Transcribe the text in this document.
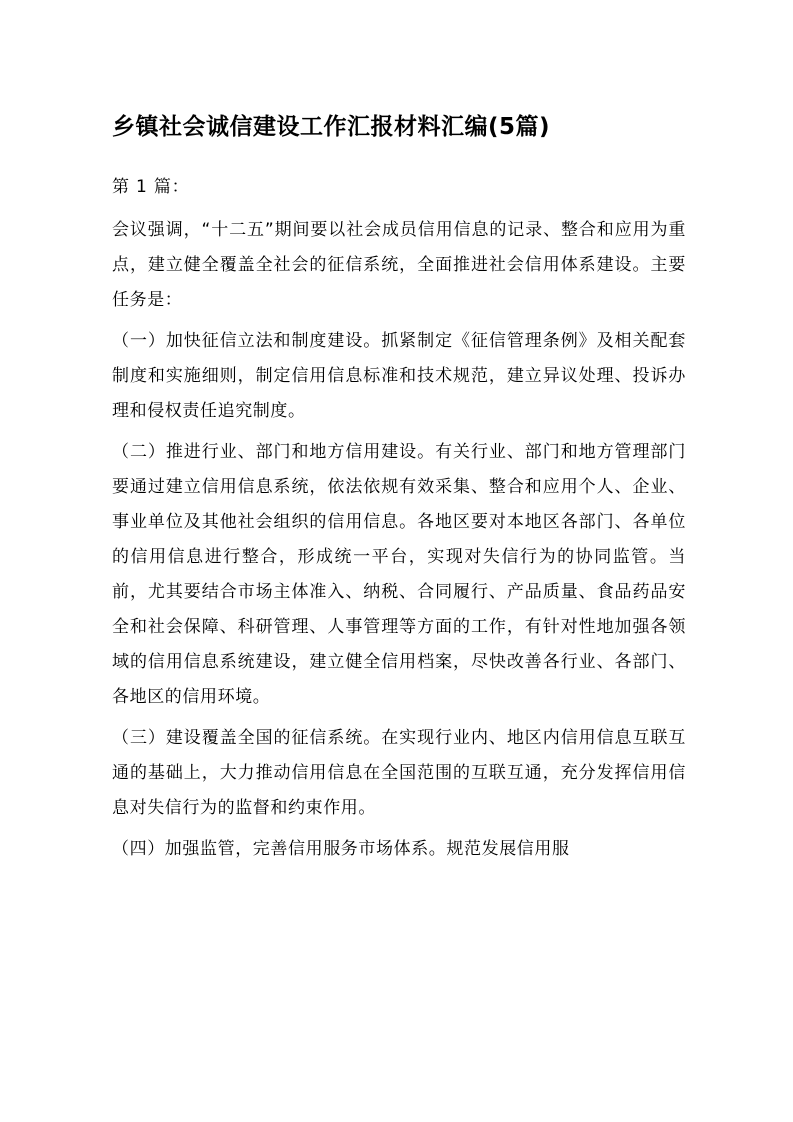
乡镇社会诚信建设工作汇报材料汇编(5篇)

第 1 篇：

会议强调，“十二五”期间要以社会成员信用信息的记录、整合和应用为重点，建立健全覆盖全社会的征信系统，全面推进社会信用体系建设。主要任务是：

（一）加快征信立法和制度建设。抓紧制定《征信管理条例》及相关配套制度和实施细则，制定信用信息标准和技术规范，建立异议处理、投诉办理和侵权责任追究制度。

（二）推进行业、部门和地方信用建设。有关行业、部门和地方管理部门要通过建立信用信息系统，依法依规有效采集、整合和应用个人、企业、事业单位及其他社会组织的信用信息。各地区要对本地区各部门、各单位的信用信息进行整合，形成统一平台，实现对失信行为的协同监管。当前，尤其要结合市场主体准入、纳税、合同履行、产品质量、食品药品安全和社会保障、科研管理、人事管理等方面的工作，有针对性地加强各领域的信用信息系统建设，建立健全信用档案，尽快改善各行业、各部门、各地区的信用环境。

（三）建设覆盖全国的征信系统。在实现行业内、地区内信用信息互联互通的基础上，大力推动信用信息在全国范围的互联互通，充分发挥信用信息对失信行为的监督和约束作用。

（四）加强监管，完善信用服务市场体系。规范发展信用服
